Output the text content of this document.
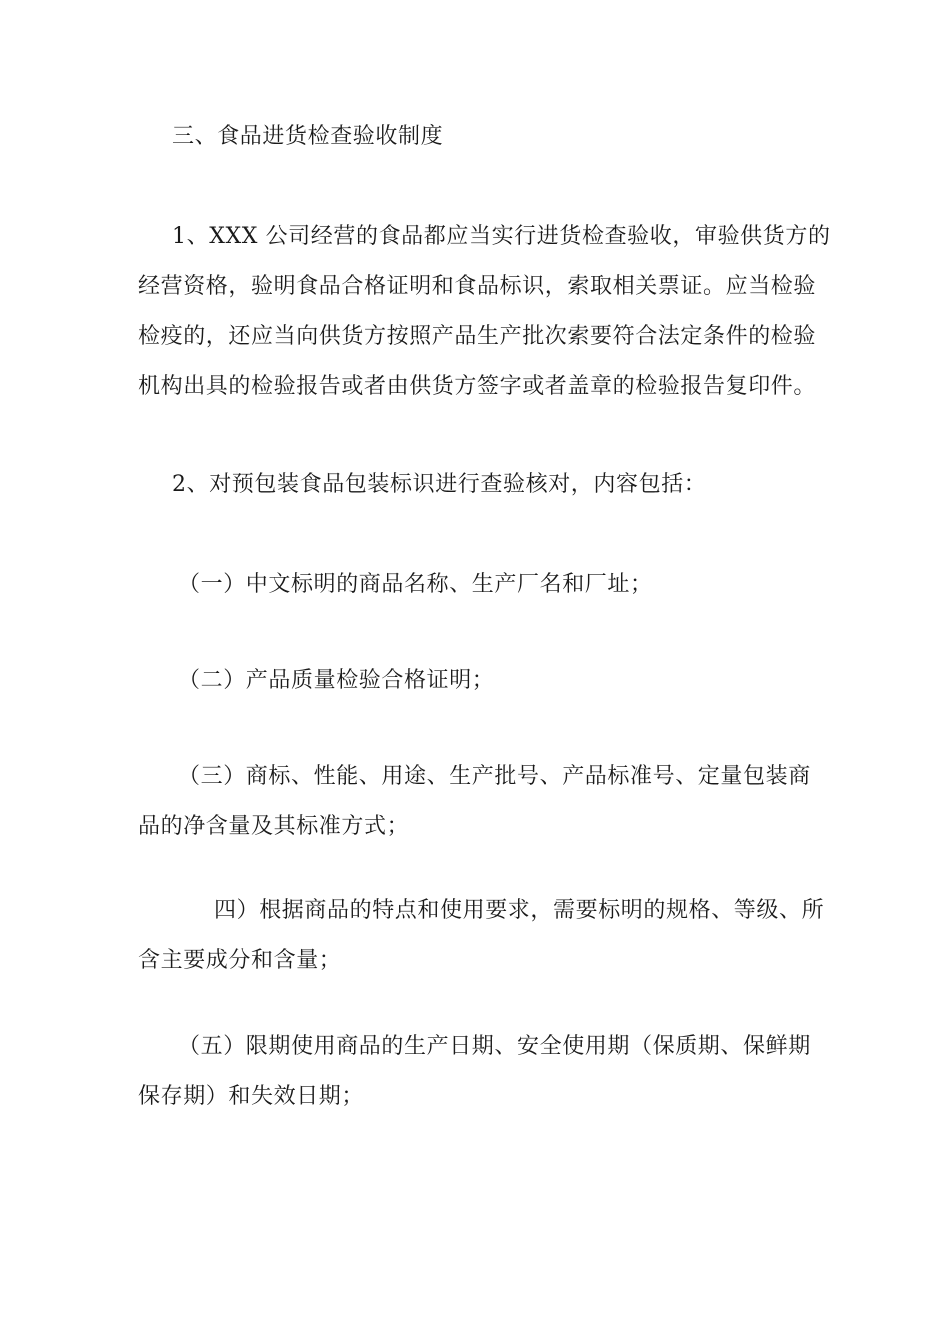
三、食品进货检查验收制度

1、XXX 公司经营的食品都应当实行进货检查验收，审验供货方的
经营资格，验明食品合格证明和食品标识，索取相关票证。应当检验
检疫的，还应当向供货方按照产品生产批次索要符合法定条件的检验
机构出具的检验报告或者由供货方签字或者盖章的检验报告复印件。

2、对预包装食品包装标识进行查验核对，内容包括：

（一）中文标明的商品名称、生产厂名和厂址；

（二）产品质量检验合格证明；

（三）商标、性能、用途、生产批号、产品标准号、定量包装商
品的净含量及其标准方式；

四）根据商品的特点和使用要求，需要标明的规格、等级、所
含主要成分和含量；

（五）限期使用商品的生产日期、安全使用期（保质期、保鲜期
保存期）和失效日期；
